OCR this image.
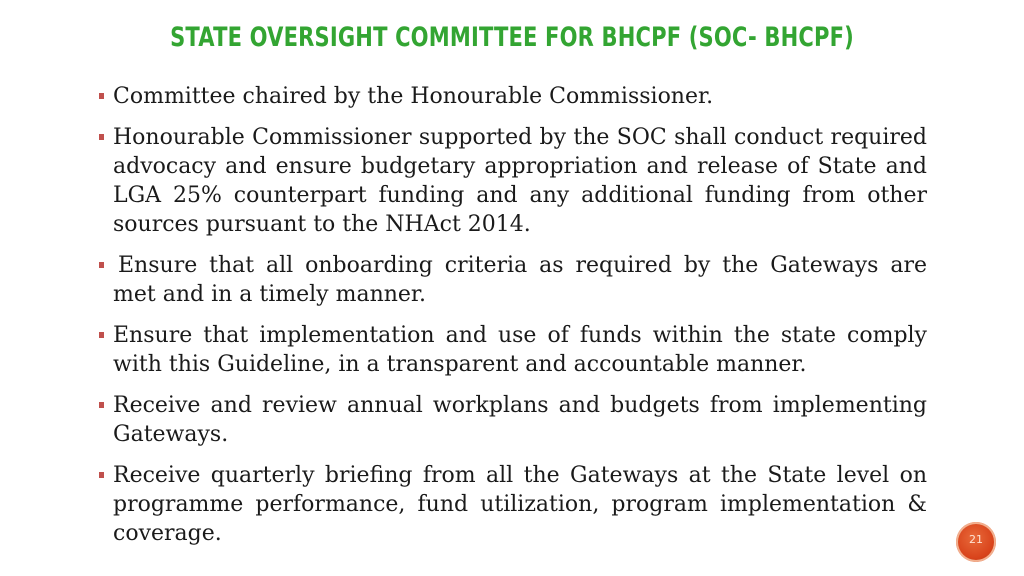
STATE OVERSIGHT COMMITTEE FOR BHCPF (SOC- BHCPF)
Committee chaired by the Honourable Commissioner.
Honourable Commissioner supported by the SOC shall conduct required advocacy and ensure budgetary appropriation and release of State and LGA 25% counterpart funding and any additional funding from other sources pursuant to the NHAct 2014.
Ensure that all onboarding criteria as required by the Gateways are met and in a timely manner.
Ensure that implementation and use of funds within the state comply with this Guideline, in a transparent and accountable manner.
Receive and review annual workplans and budgets from implementing Gateways.
Receive quarterly briefing from all the Gateways at the State level on programme performance, fund utilization, program implementation & coverage.	21
